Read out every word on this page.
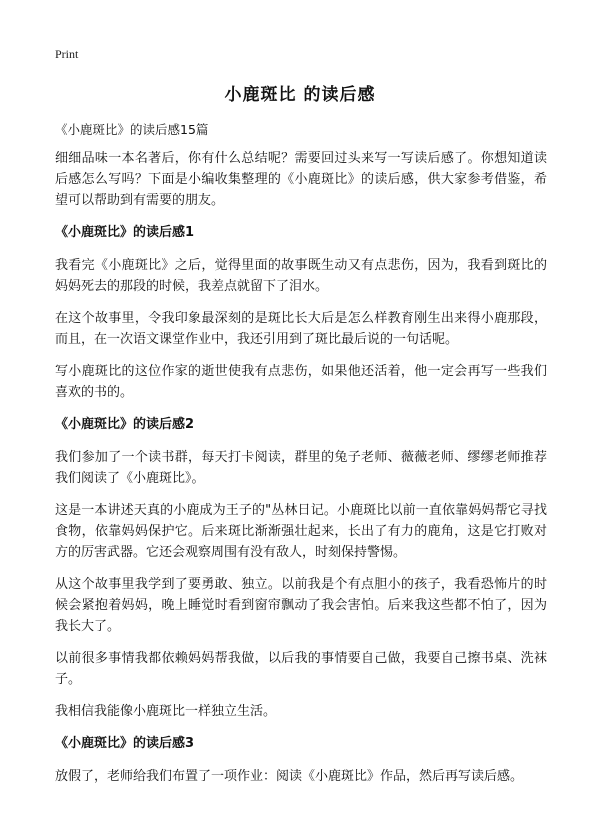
Print
小鹿斑比 的读后感

《小鹿斑比》的读后感15篇

细细品味一本名著后，你有什么总结呢？需要回过头来写一写读后感了。你想知道读后感怎么写吗？下面是小编收集整理的《小鹿斑比》的读后感，供大家参考借鉴，希望可以帮助到有需要的朋友。

《小鹿斑比》的读后感1

我看完《小鹿斑比》之后，觉得里面的故事既生动又有点悲伤，因为，我看到斑比的妈妈死去的那段的时候，我差点就留下了泪水。

在这个故事里，令我印象最深刻的是斑比长大后是怎么样教育刚生出来得小鹿那段，而且，在一次语文课堂作业中，我还引用到了斑比最后说的一句话呢。

写小鹿斑比的这位作家的逝世使我有点悲伤，如果他还活着，他一定会再写一些我们喜欢的书的。

《小鹿斑比》的读后感2

我们参加了一个读书群，每天打卡阅读，群里的兔子老师、薇薇老师、缪缪老师推荐我们阅读了《小鹿斑比》。

这是一本讲述天真的小鹿成为王子的"丛林日记。小鹿斑比以前一直依靠妈妈帮它寻找食物，依靠妈妈保护它。后来斑比渐渐强壮起来，长出了有力的鹿角，这是它打败对方的厉害武器。它还会观察周围有没有敌人，时刻保持警惕。

从这个故事里我学到了要勇敢、独立。以前我是个有点胆小的孩子，我看恐怖片的时候会紧抱着妈妈，晚上睡觉时看到窗帘飘动了我会害怕。后来我这些都不怕了，因为我长大了。

以前很多事情我都依赖妈妈帮我做，以后我的事情要自己做，我要自己擦书桌、洗袜子。

我相信我能像小鹿斑比一样独立生活。

《小鹿斑比》的读后感3

放假了，老师给我们布置了一项作业：阅读《小鹿斑比》作品，然后再写读后感。
